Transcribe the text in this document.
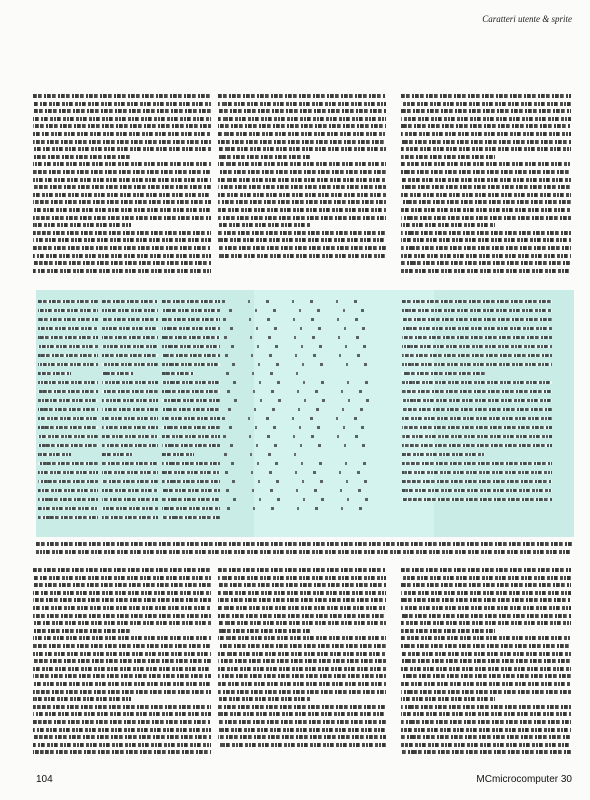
Caratteri utente & sprite
104	MCmicrocomputer 30
